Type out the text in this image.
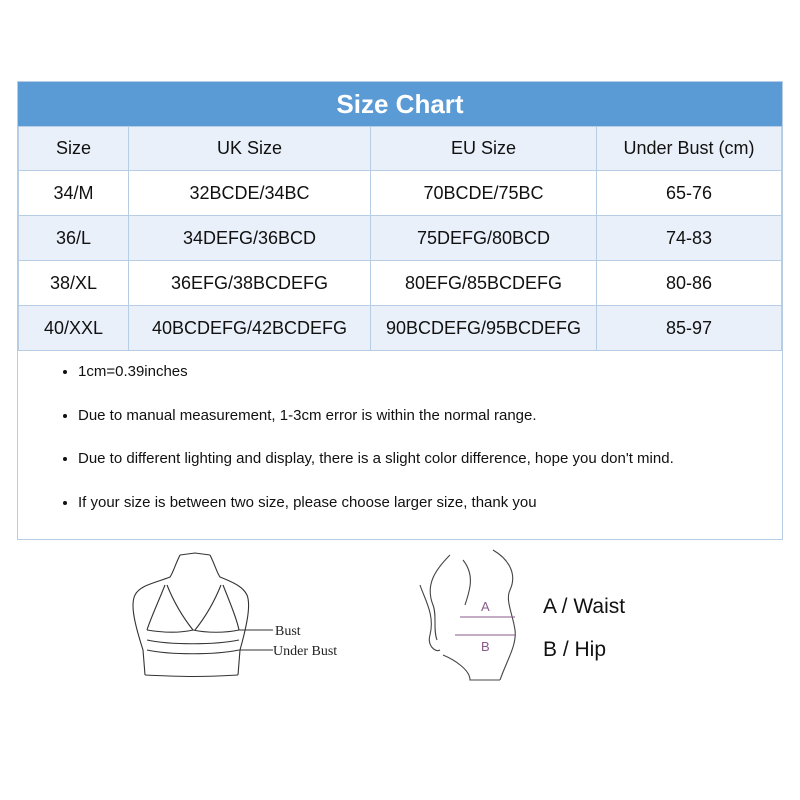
Size Chart
Size	UK Size	EU Size	Under Bust (cm)
34/M	32BCDE/34BC	70BCDE/75BC	65-76
36/L	34DEFG/36BCD	75DEFG/80BCD	74-83
38/XL	36EFG/38BCDEFG	80EFG/85BCDEFG	80-86
40/XXL	40BCDEFG/42BCDEFG	90BCDEFG/95BCDEFG	85-97
• 1cm=0.39inches
• Due to manual measurement, 1-3cm error is within the normal range.
• Due to different lighting and display, there is a slight color difference, hope you don't mind.
• If your size is between two size, please choose larger size, thank you
Bust
Under Bust
A
B
A / Waist
B / Hip
